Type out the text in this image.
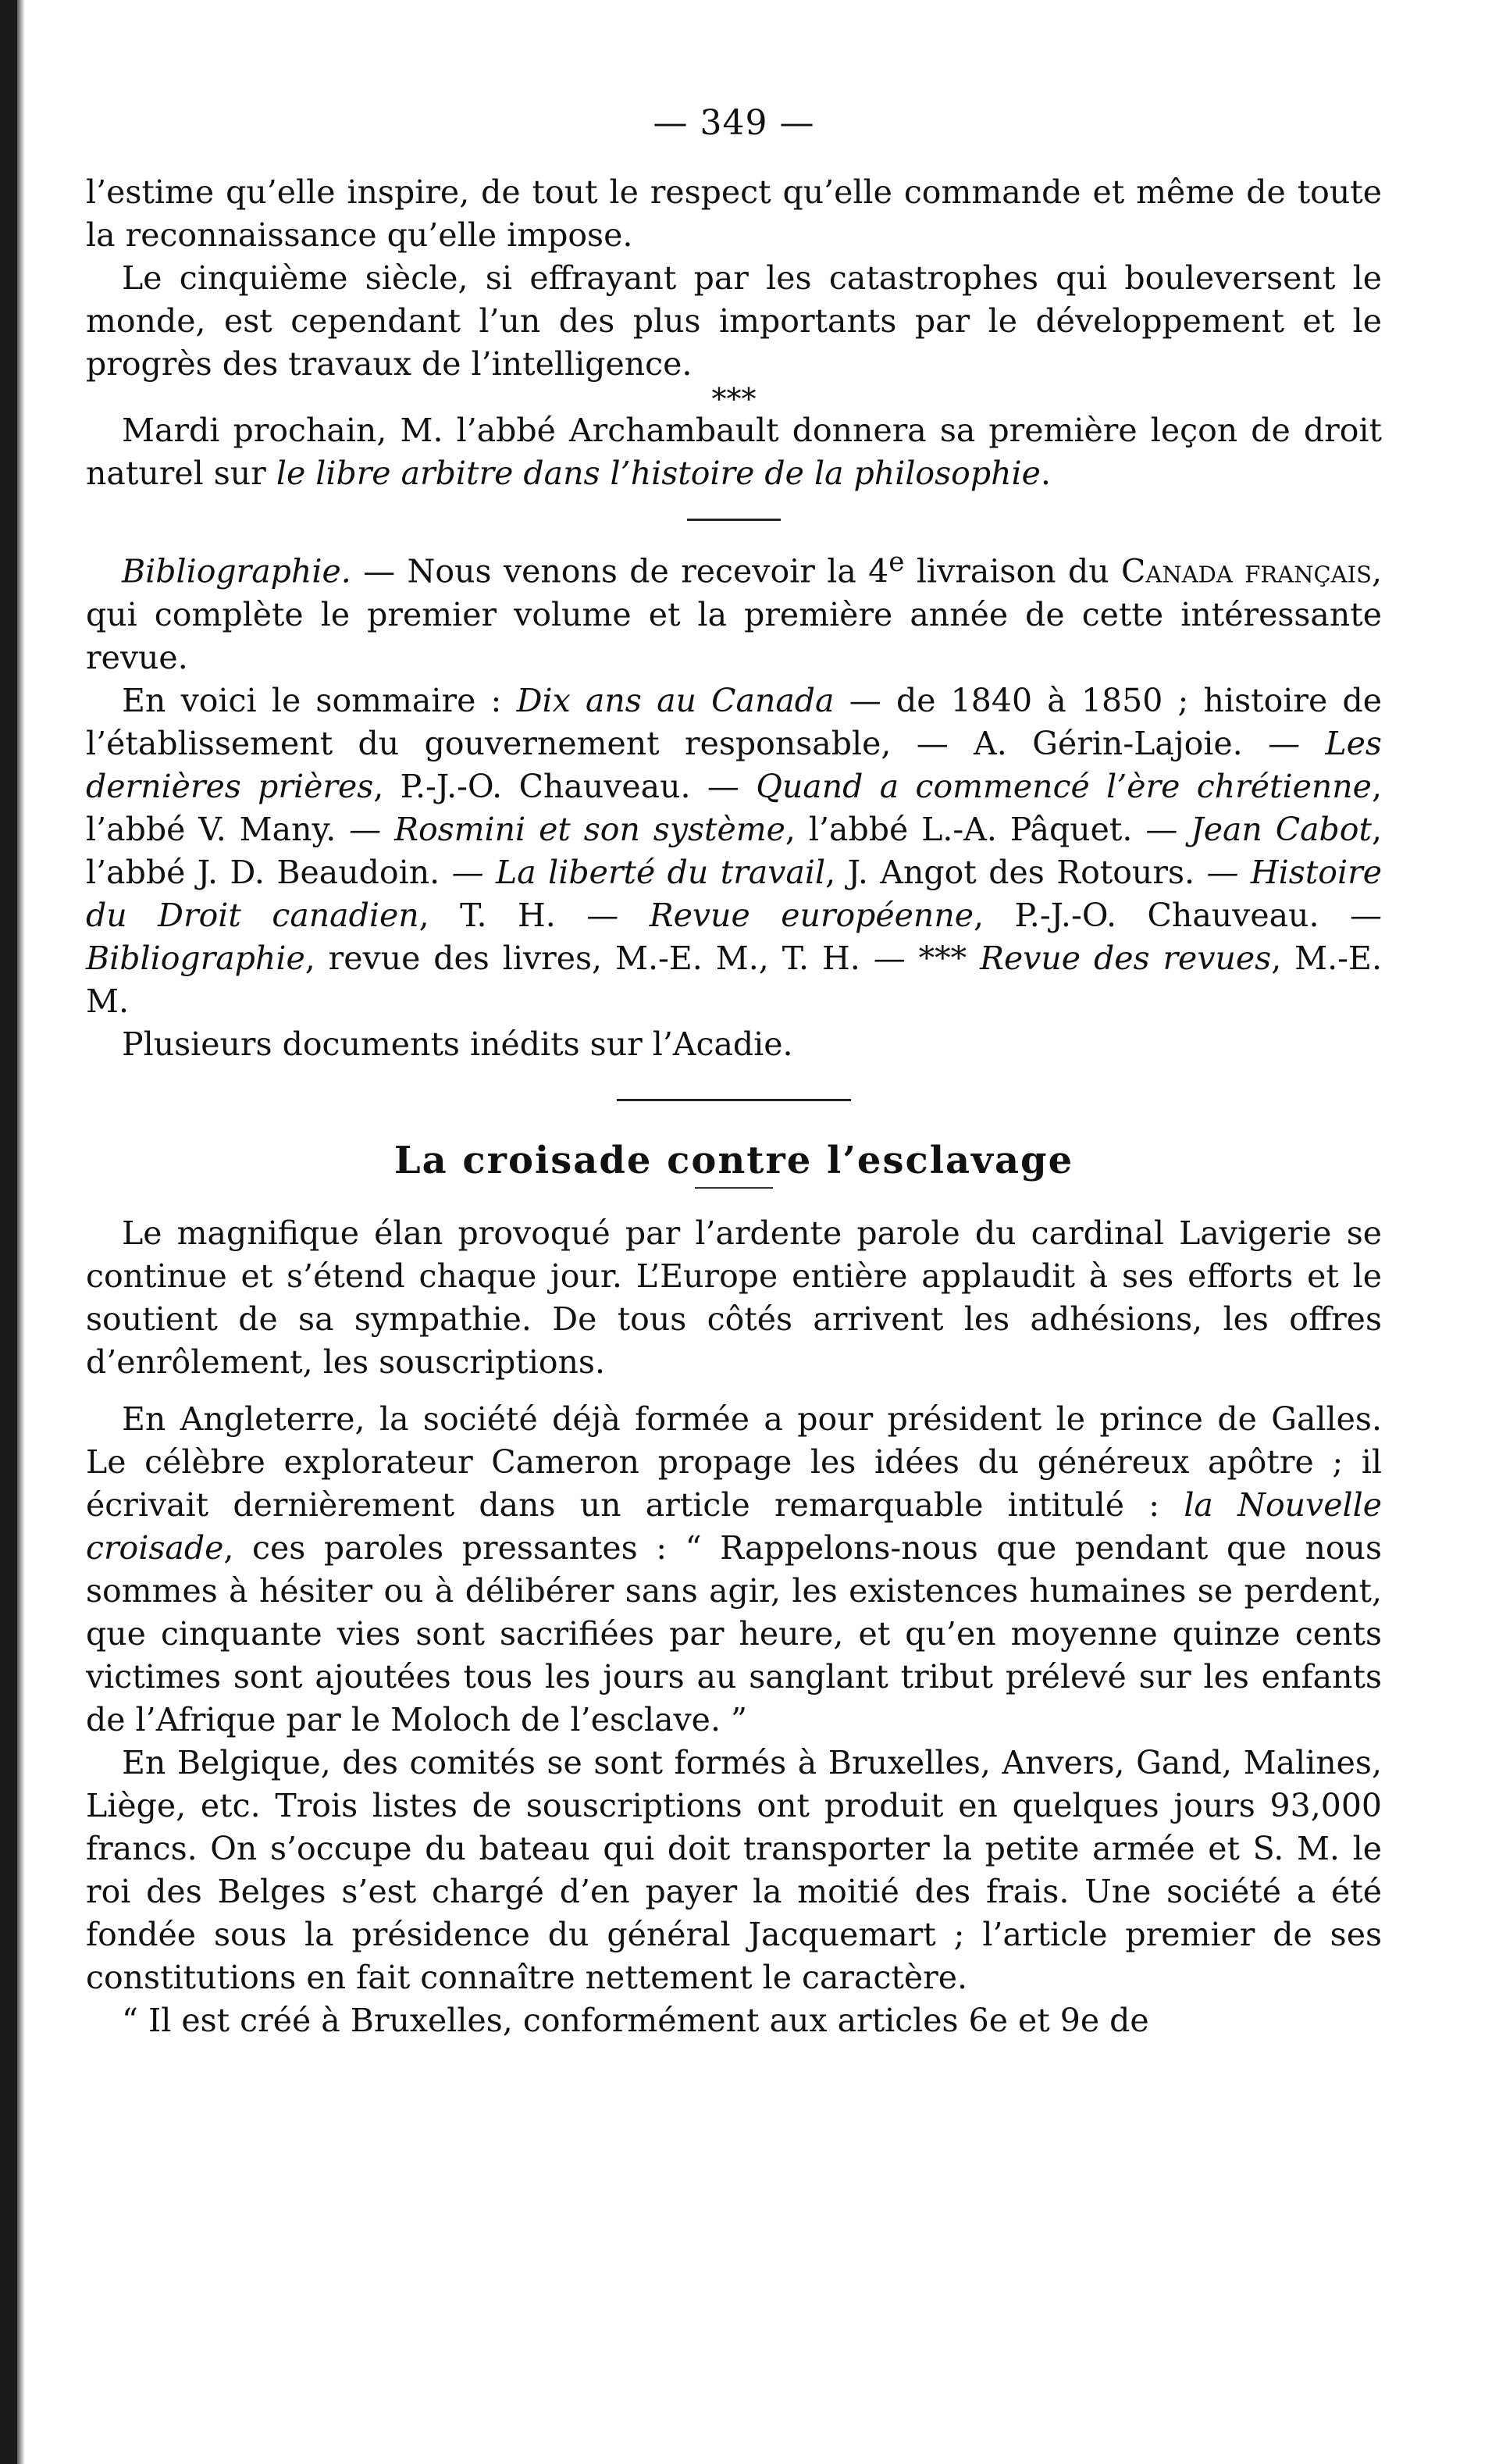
— 349 —

l’estime qu’elle inspire, de tout le respect qu’elle commande et même de toute la reconnaissance qu’elle impose.

Le cinquième siècle, si effrayant par les catastrophes qui bouleversent le monde, est cependant l’un des plus importants par le développement et le progrès des travaux de l’intelligence.

***

Mardi prochain, M. l’abbé Archambault donnera sa première leçon de droit naturel sur le libre arbitre dans l’histoire de la philosophie.

Bibliographie. — Nous venons de recevoir la 4e livraison du Canada français, qui complète le premier volume et la première année de cette intéressante revue.

En voici le sommaire : Dix ans au Canada — de 1840 à 1850 ; histoire de l’établissement du gouvernement responsable, — A. Gérin-Lajoie. — Les dernières prières, P.-J.-O. Chauveau. — Quand a commencé l’ère chrétienne, l’abbé V. Many. — Rosmini et son système, l’abbé L.-A. Pâquet. — Jean Cabot, l’abbé J. D. Beaudoin. — La liberté du travail, J. Angot des Rotours. — Histoire du Droit canadien, T. H. — Revue européenne, P.-J.-O. Chauveau. — Bibliographie, revue des livres, M.-E. M., T. H. — *** Revue des revues, M.-E. M.

Plusieurs documents inédits sur l’Acadie.

La croisade contre l’esclavage

Le magnifique élan provoqué par l’ardente parole du cardinal Lavigerie se continue et s’étend chaque jour. L’Europe entière applaudit à ses efforts et le soutient de sa sympathie. De tous côtés arrivent les adhésions, les offres d’enrôlement, les souscriptions.

En Angleterre, la société déjà formée a pour président le prince de Galles. Le célèbre explorateur Cameron propage les idées du généreux apôtre ; il écrivait dernièrement dans un article remarquable intitulé : la Nouvelle croisade, ces paroles pressantes : “ Rappelons-nous que pendant que nous sommes à hésiter ou à délibérer sans agir, les existences humaines se perdent, que cinquante vies sont sacrifiées par heure, et qu’en moyenne quinze cents victimes sont ajoutées tous les jours au sanglant tribut prélevé sur les enfants de l’Afrique par le Moloch de l’esclave. ”

En Belgique, des comités se sont formés à Bruxelles, Anvers, Gand, Malines, Liège, etc. Trois listes de souscriptions ont produit en quelques jours 93,000 francs. On s’occupe du bateau qui doit transporter la petite armée et S. M. le roi des Belges s’est chargé d’en payer la moitié des frais. Une société a été fondée sous la présidence du général Jacquemart ; l’article premier de ses constitutions en fait connaître nettement le caractère.

“ Il est créé à Bruxelles, conformément aux articles 6e et 9e de
